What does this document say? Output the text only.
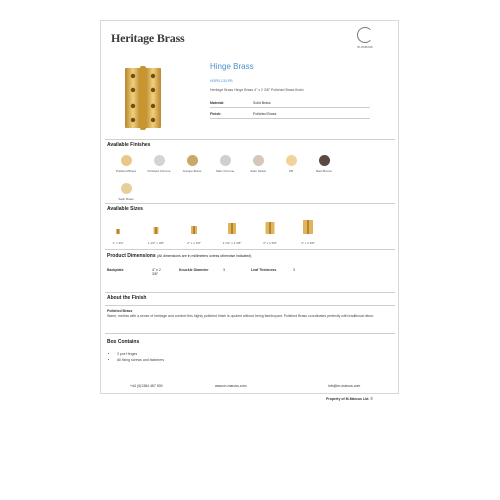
Heritage Brass
m-marcus
Hinge Brass
HDPB-130-PB
Heritage Brass Hinge Brass 4" x 2 3/8" Polished Brass finish
Material:	Solid Brass
Finish:	Polished Brass
Available Finishes
Polished Brass	Polished Chrome	Antique Brass	Satin Chrome	Satin Nickel	PB	Matt Bronze
Satin Brass
Available Sizes
1" x 3/4"	1 1/2" x 3/8"	2" x 1 1/8"	2 1/2" x 2 3/8"	3" x 1 5/8"	4" x 2 3/8"
Product Dimensions (All dimensions are in millimeters unless otherwise indicated)
Backplate	4" x 2 3/8"
Knuckle Diameter	3	Leaf Thickness	3
About the Finish
Polished Brass
Warm, mellow with a sense of heritage and comfort this highly polished finish is opulent without being flamboyant. Polished Brass coordinates perfectly with traditional décor.
Box Contains
• 3 pcs Hinges
• All fixing screws and fasteners
+44 (0)1384 457 900	www.m-marcus.com	info@m-marcus.com
Property of M-Marcus Ltd. ©
